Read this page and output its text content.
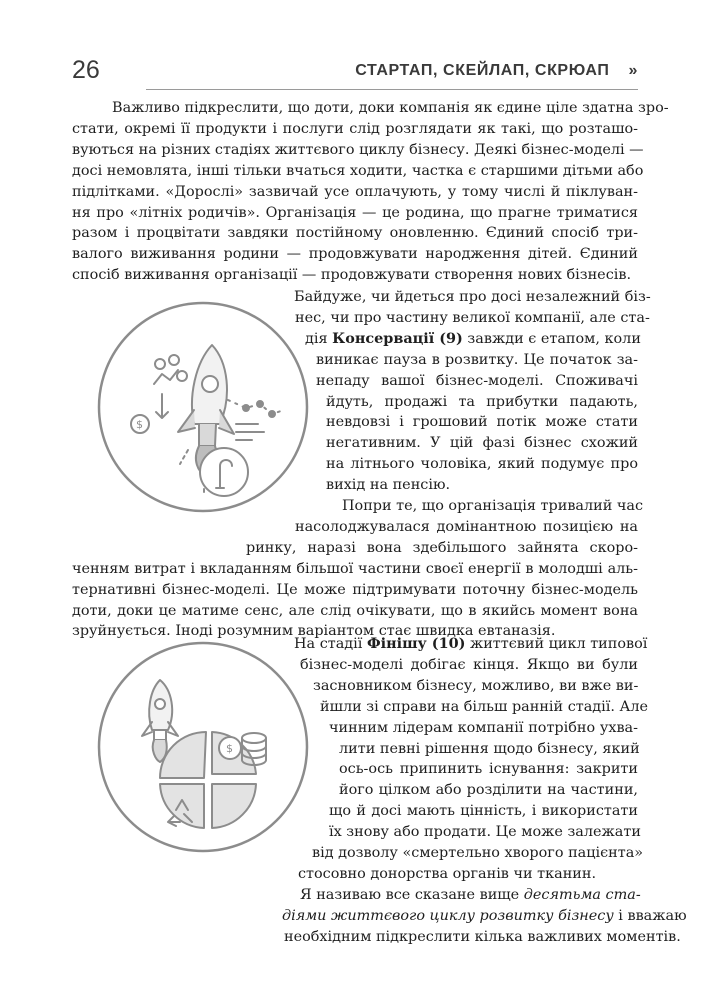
26	СТАРТАП, СКЕЙЛАП, СКРЮАП »
Важливо підкреслити, що доти, доки компанія як єдине ціле здатна зро-
стати, окремі її продукти і послуги слід розглядати як такі, що розташо-
вуються на різних стадіях життєвого циклу бізнесу. Деякі бізнес-моделі —
досі немовлята, інші тільки вчаться ходити, частка є старшими дітьми або
підлітками. «Дорослі» зазвичай усе оплачують, у тому числі й піклуван-
ня про «літніх родичів». Організація — це родина, що прагне триматися
разом і процвітати завдяки постійному оновленню. Єдиний спосіб три-
валого виживання родини — продовжувати народження дітей. Єдиний
спосіб виживання організації — продовжувати створення нових бізнесів.
Байдуже, чи йдеться про досі незалежний біз-
нес, чи про частину великої компанії, але ста-
дія Консервації (9) завжди є етапом, коли
виникає пауза в розвитку. Це початок за-
непаду вашої бізнес-моделі. Споживачі
йдуть, продажі та прибутки падають,
невдовзі і грошовий потік може стати
негативним. У цій фазі бізнес схожий
на літнього чоловіка, який подумує про
вихід на пенсію.
Попри те, що організація тривалий час
насолоджувалася домінантною позицією на
ринку, наразі вона здебільшого зайнята скоро-
ченням витрат і вкладанням більшої частини своєї енергії в молодші аль-
тернативні бізнес-моделі. Це може підтримувати поточну бізнес-модель
доти, доки це матиме сенс, але слід очікувати, що в якийсь момент вона
зруйнується. Іноді розумним варіантом стає швидка евтаназія.
На стадії Фінішу (10) життєвий цикл типової
бізнес-моделі добігає кінця. Якщо ви були
засновником бізнесу, можливо, ви вже ви-
йшли зі справи на більш ранній стадії. Але
чинним лідерам компанії потрібно ухва-
лити певні рішення щодо бізнесу, який
ось-ось припинить існування: закрити
його цілком або розділити на частини,
що й досі мають цінність, і використати
їх знову або продати. Це може залежати
від дозволу «смертельно хворого пацієнта»
стосовно донорства органів чи тканин.
Я називаю все сказане вище десятьма ста-
діями життєвого циклу розвитку бізнесу і вважаю
необхідним підкреслити кілька важливих моментів.
$
$
